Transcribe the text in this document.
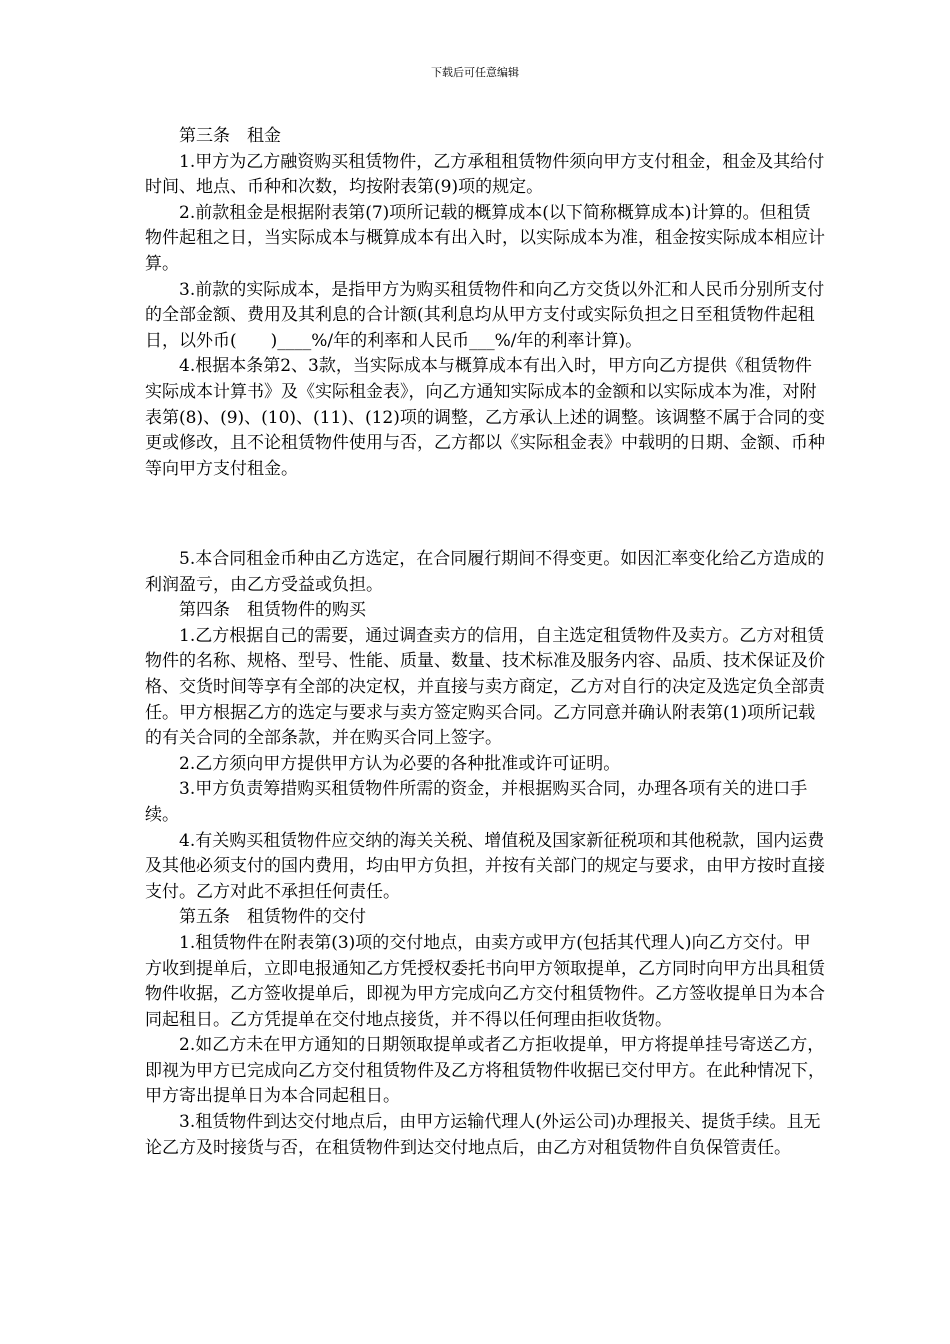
下载后可任意编辑

第三条　租金

1.甲方为乙方融资购买租赁物件，乙方承租租赁物件须向甲方支付租金，租金及其给付时间、地点、币种和次数，均按附表第(9)项的规定。

2.前款租金是根据附表第(7)项所记载的概算成本(以下简称概算成本)计算的。但租赁物件起租之日，当实际成本与概算成本有出入时，以实际成本为准，租金按实际成本相应计算。

3.前款的实际成本，是指甲方为购买租赁物件和向乙方交货以外汇和人民币分别所支付的全部金额、费用及其利息的合计额(其利息均从甲方支付或实际负担之日至租赁物件起租日，以外币(　　)____%/年的利率和人民币___%/年的利率计算)。

4.根据本条第2、3款，当实际成本与概算成本有出入时，甲方向乙方提供《租赁物件实际成本计算书》及《实际租金表》，向乙方通知实际成本的金额和以实际成本为准，对附表第(8)、(9)、(10)、(11)、(12)项的调整，乙方承认上述的调整。该调整不属于合同的变更或修改，且不论租赁物件使用与否，乙方都以《实际租金表》中载明的日期、金额、币种等向甲方支付租金。

5.本合同租金币种由乙方选定，在合同履行期间不得变更。如因汇率变化给乙方造成的利润盈亏，由乙方受益或负担。

第四条　租赁物件的购买

1.乙方根据自己的需要，通过调查卖方的信用，自主选定租赁物件及卖方。乙方对租赁物件的名称、规格、型号、性能、质量、数量、技术标准及服务内容、品质、技术保证及价格、交货时间等享有全部的决定权，并直接与卖方商定，乙方对自行的决定及选定负全部责任。甲方根据乙方的选定与要求与卖方签定购买合同。乙方同意并确认附表第(1)项所记载的有关合同的全部条款，并在购买合同上签字。

2.乙方须向甲方提供甲方认为必要的各种批准或许可证明。

3.甲方负责筹措购买租赁物件所需的资金，并根据购买合同，办理各项有关的进口手续。

4.有关购买租赁物件应交纳的海关关税、增值税及国家新征税项和其他税款，国内运费及其他必须支付的国内费用，均由甲方负担，并按有关部门的规定与要求，由甲方按时直接支付。乙方对此不承担任何责任。

第五条　租赁物件的交付

1.租赁物件在附表第(3)项的交付地点，由卖方或甲方(包括其代理人)向乙方交付。甲方收到提单后，立即电报通知乙方凭授权委托书向甲方领取提单，乙方同时向甲方出具租赁物件收据，乙方签收提单后，即视为甲方完成向乙方交付租赁物件。乙方签收提单日为本合同起租日。乙方凭提单在交付地点接货，并不得以任何理由拒收货物。

2.如乙方未在甲方通知的日期领取提单或者乙方拒收提单，甲方将提单挂号寄送乙方，即视为甲方已完成向乙方交付租赁物件及乙方将租赁物件收据已交付甲方。在此种情况下，甲方寄出提单日为本合同起租日。

3.租赁物件到达交付地点后，由甲方运输代理人(外运公司)办理报关、提货手续。且无论乙方及时接货与否，在租赁物件到达交付地点后，由乙方对租赁物件自负保管责任。
